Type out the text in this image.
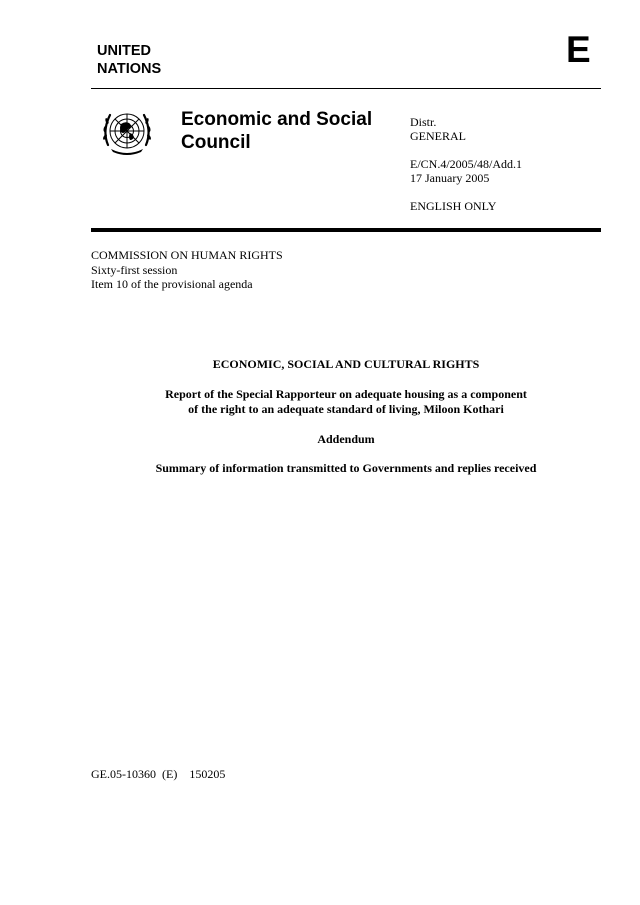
UNITED
NATIONS	E
Economic and Social
Council
Distr.
GENERAL
E/CN.4/2005/48/Add.1
17 January 2005
ENGLISH ONLY
COMMISSION ON HUMAN RIGHTS
Sixty-first session
Item 10 of the provisional agenda
ECONOMIC, SOCIAL AND CULTURAL RIGHTS
Report of the Special Rapporteur on adequate housing as a component
of the right to an adequate standard of living, Miloon Kothari
Addendum
Summary of information transmitted to Governments and replies received
GE.05-10360  (E)    150205
